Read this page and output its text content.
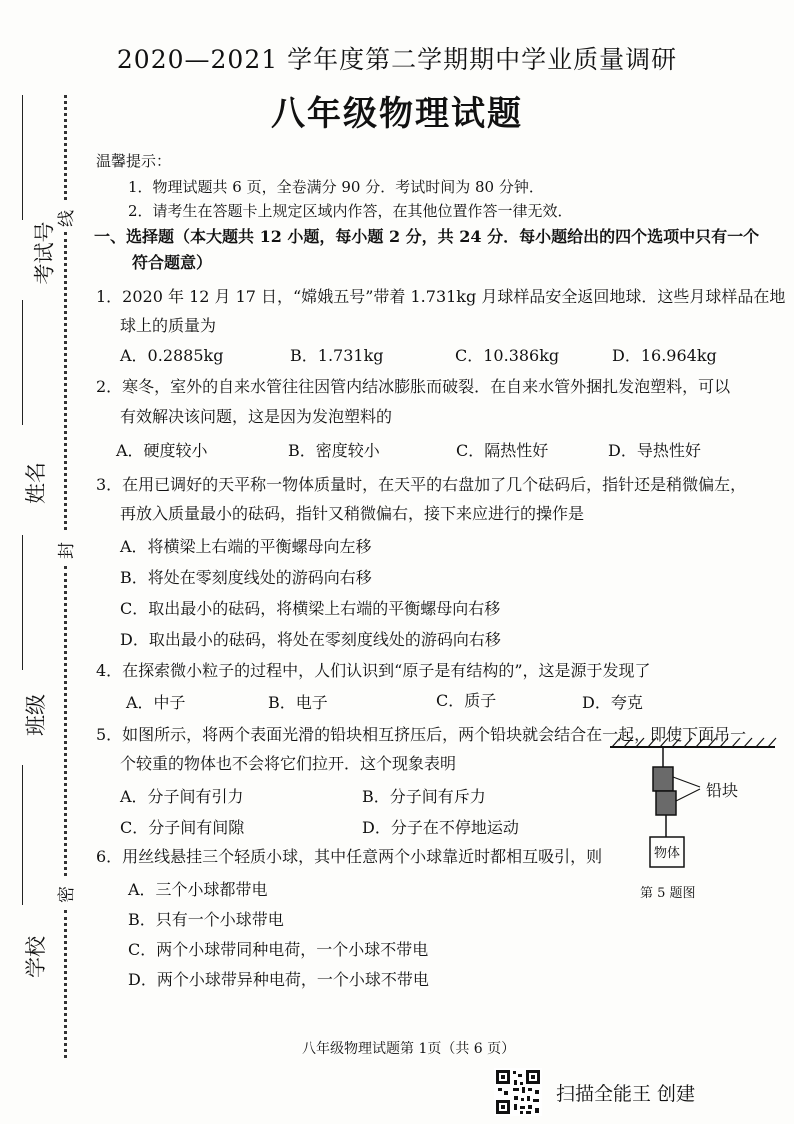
2020—2021 学年度第二学期期中学业质量调研
八年级物理试题
考试号
姓名
班级
学校
线
封
密
温馨提示：
1．物理试题共 6 页，全卷满分 90 分．考试时间为 80 分钟．
2．请考生在答题卡上规定区域内作答，在其他位置作答一律无效．
一、选择题（本大题共 12 小题，每小题 2 分，共 24 分．每小题给出的四个选项中只有一个
符合题意）
1．2020 年 12 月 17 日，“嫦娥五号”带着 1.731kg 月球样品安全返回地球．这些月球样品在地
球上的质量为
A．0.2885kg	B．1.731kg	C．10.386kg	D．16.964kg
2．寒冬，室外的自来水管往往因管内结冰膨胀而破裂．在自来水管外捆扎发泡塑料，可以
有效解决该问题，这是因为发泡塑料的
A．硬度较小	B．密度较小	C．隔热性好	D．导热性好
3．在用已调好的天平称一物体质量时，在天平的右盘加了几个砝码后，指针还是稍微偏左，
再放入质量最小的砝码，指针又稍微偏右，接下来应进行的操作是
A．将横梁上右端的平衡螺母向左移
B．将处在零刻度线处的游码向右移
C．取出最小的砝码，将横梁上右端的平衡螺母向右移
D．取出最小的砝码，将处在零刻度线处的游码向右移
4．在探索微小粒子的过程中，人们认识到“原子是有结构的”，这是源于发现了
A．中子	B．电子	C．质子	D．夸克
5．如图所示，将两个表面光滑的铅块相互挤压后，两个铅块就会结合在一起，即使下面吊一
个较重的物体也不会将它们拉开．这个现象表明
A．分子间有引力	B．分子间有斥力
C．分子间有间隙	D．分子在不停地运动
铅块
物体
第 5 题图
6．用丝线悬挂三个轻质小球，其中任意两个小球靠近时都相互吸引，则
A．三个小球都带电
B．只有一个小球带电
C．两个小球带同种电荷，一个小球不带电
D．两个小球带异种电荷，一个小球不带电
八年级物理试题第 1页（共 6 页）
扫描全能王 创建
